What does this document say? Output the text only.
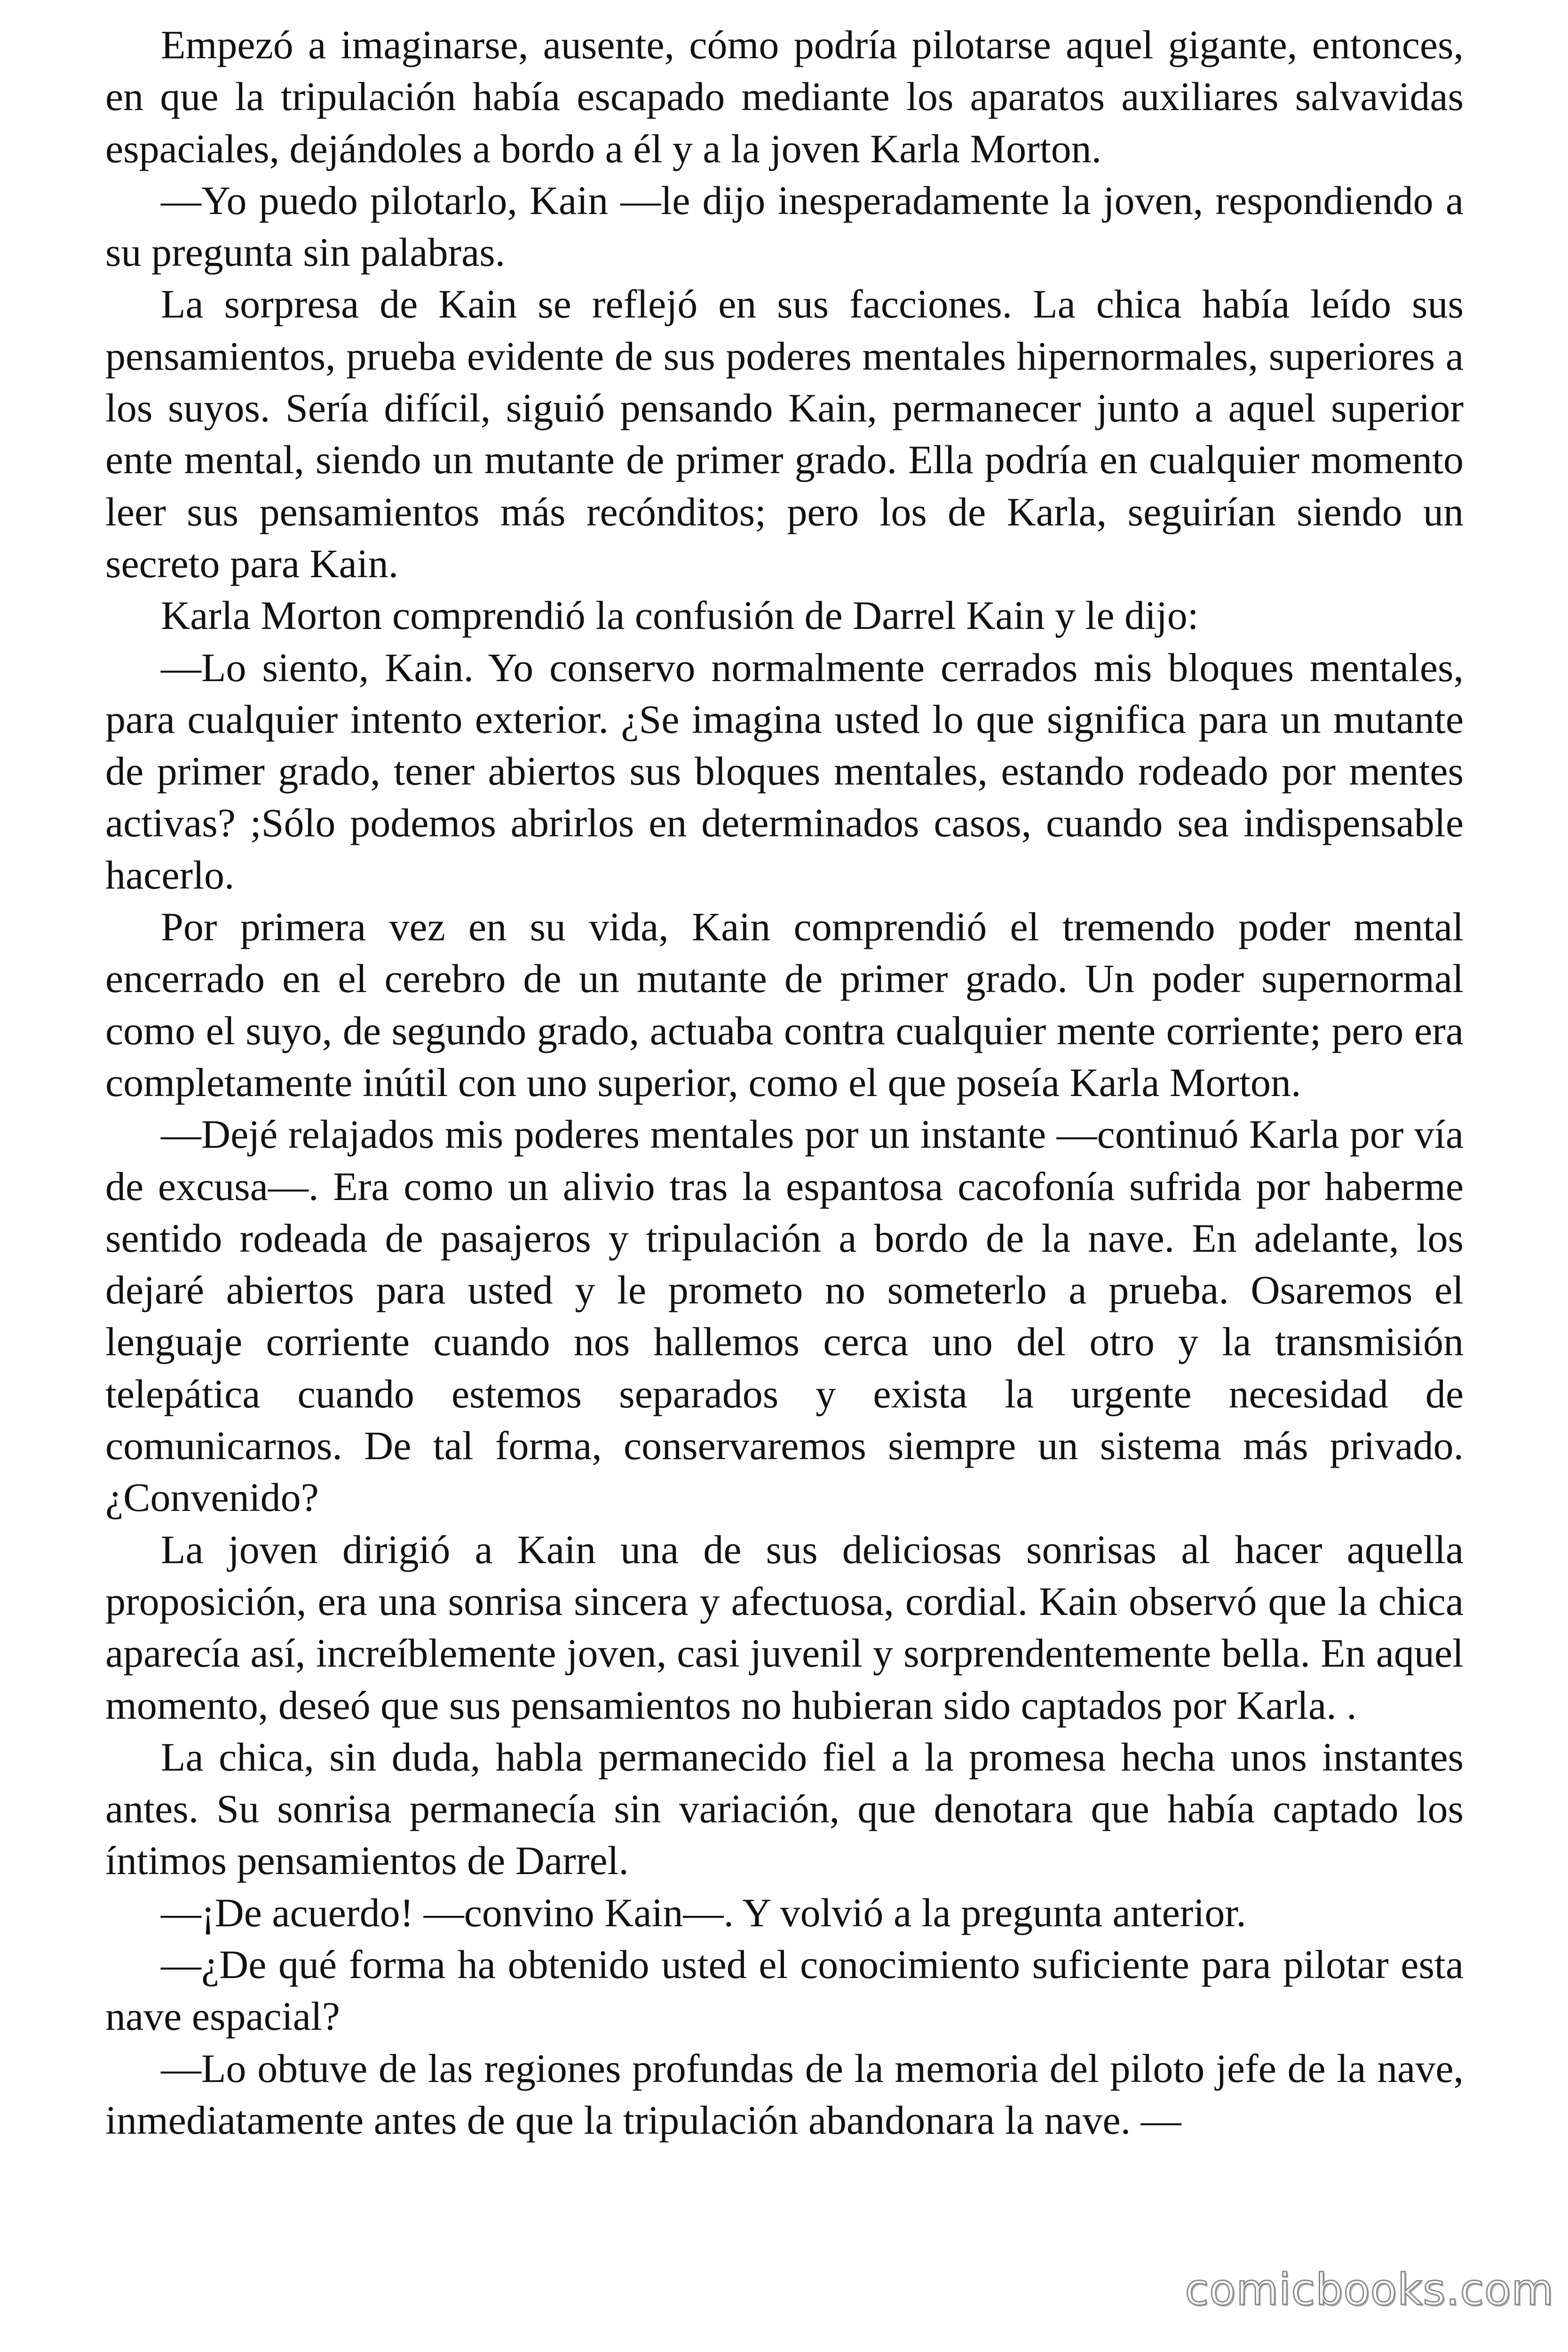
Empezó a imaginarse, ausente, cómo podría pilotarse aquel gigante, entonces, en que la tripulación había escapado mediante los aparatos auxiliares salvavidas espaciales, dejándoles a bordo a él y a la joven Karla Morton.

—Yo puedo pilotarlo, Kain —le dijo inesperadamente la joven, respondiendo a su pregunta sin palabras.

La sorpresa de Kain se reflejó en sus facciones. La chica había leído sus pensamientos, prueba evidente de sus poderes mentales hipernormales, superiores a los suyos. Sería difícil, siguió pensando Kain, permanecer junto a aquel superior ente mental, siendo un mutante de primer grado. Ella podría en cualquier momento leer sus pensamientos más recónditos; pero los de Karla, seguirían siendo un secreto para Kain.

Karla Morton comprendió la confusión de Darrel Kain y le dijo:

—Lo siento, Kain. Yo conservo normalmente cerrados mis bloques mentales, para cualquier intento exterior. ¿Se imagina usted lo que significa para un mutante de primer grado, tener abiertos sus bloques mentales, estando rodeado por mentes activas? ;Sólo podemos abrirlos en determinados casos, cuando sea indispensable hacerlo.

Por primera vez en su vida, Kain comprendió el tremendo poder mental encerrado en el cerebro de un mutante de primer grado. Un poder supernormal como el suyo, de segundo grado, actuaba contra cualquier mente corriente; pero era completamente inútil con uno superior, como el que poseía Karla Morton.

—Dejé relajados mis poderes mentales por un instante —continuó Karla por vía de excusa—. Era como un alivio tras la espantosa cacofonía sufrida por haberme sentido rodeada de pasajeros y tripulación a bordo de la nave. En adelante, los dejaré abiertos para usted y le prometo no someterlo a prueba. Osaremos el lenguaje corriente cuando nos hallemos cerca uno del otro y la transmisión telepática cuando estemos separados y exista la urgente necesidad de comunicarnos. De tal forma, conservaremos siempre un sistema más privado. ¿Convenido?

La joven dirigió a Kain una de sus deliciosas sonrisas al hacer aquella proposición, era una sonrisa sincera y afectuosa, cordial. Kain observó que la chica aparecía así, increíblemente joven, casi juvenil y sorprendentemente bella. En aquel momento, deseó que sus pensamientos no hubieran sido captados por Karla. .

La chica, sin duda, habla permanecido fiel a la promesa hecha unos instantes antes. Su sonrisa permanecía sin variación, que denotara que había captado los íntimos pensamientos de Darrel.

—¡De acuerdo! —convino Kain—. Y volvió a la pregunta anterior.

—¿De qué forma ha obtenido usted el conocimiento suficiente para pilotar esta nave espacial?

—Lo obtuve de las regiones profundas de la memoria del piloto jefe de la nave, inmediatamente antes de que la tripulación abandonara la nave. —

comicbooks.com
